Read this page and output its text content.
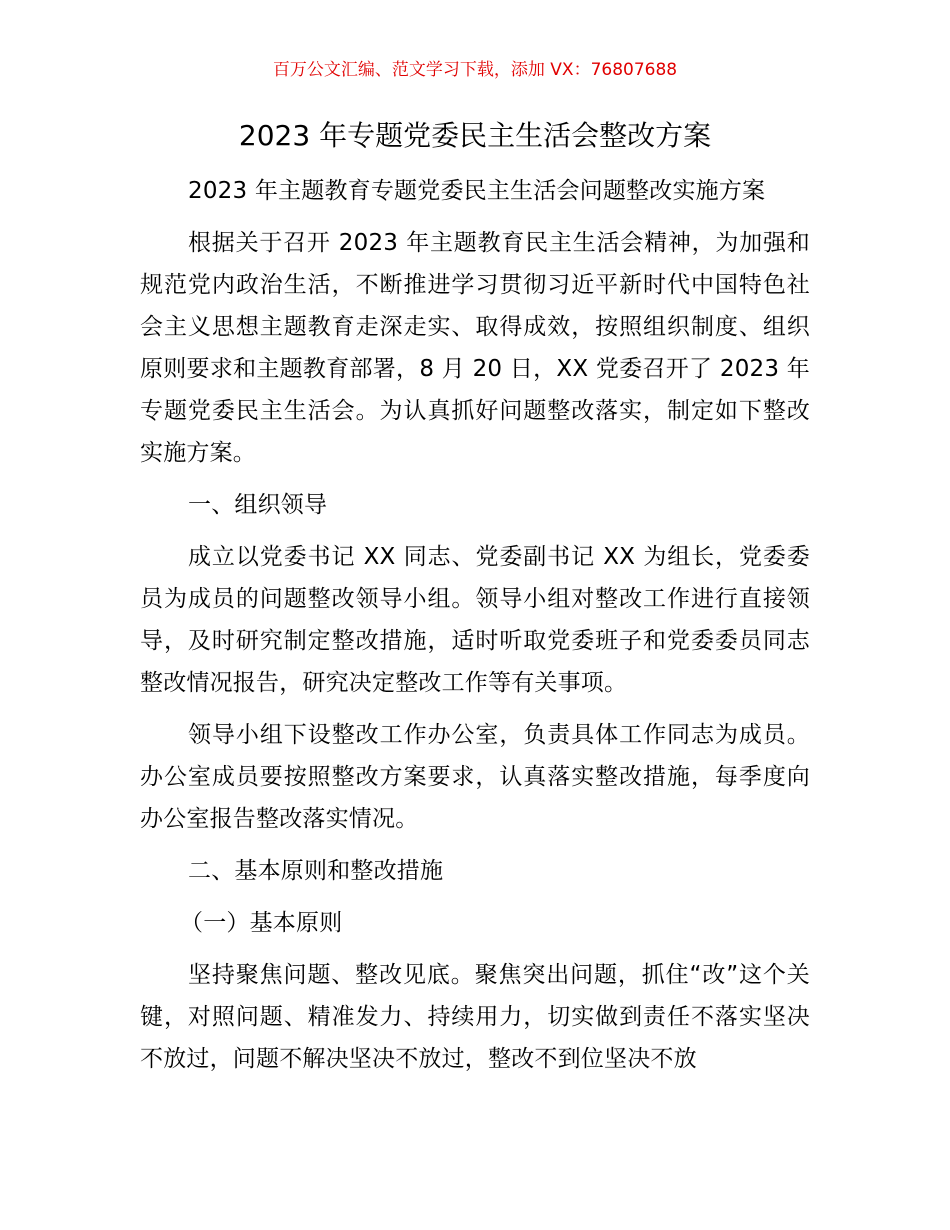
百万公文汇编、范文学习下载，添加 VX：76807688
2023 年专题党委民主生活会整改方案

2023 年主题教育专题党委民主生活会问题整改实施方案

根据关于召开 2023 年主题教育民主生活会精神，为加强和规范党内政治生活，不断推进学习贯彻习近平新时代中国特色社会主义思想主题教育走深走实、取得成效，按照组织制度、组织原则要求和主题教育部署，8 月 20 日，XX 党委召开了 2023 年专题党委民主生活会。为认真抓好问题整改落实，制定如下整改实施方案。

一、组织领导

成立以党委书记 XX 同志、党委副书记 XX 为组长，党委委员为成员的问题整改领导小组。领导小组对整改工作进行直接领导，及时研究制定整改措施，适时听取党委班子和党委委员同志整改情况报告，研究决定整改工作等有关事项。

领导小组下设整改工作办公室，负责具体工作同志为成员。办公室成员要按照整改方案要求，认真落实整改措施，每季度向办公室报告整改落实情况。

二、基本原则和整改措施

（一）基本原则

坚持聚焦问题、整改见底。聚焦突出问题，抓住“改”这个关键，对照问题、精准发力、持续用力，切实做到责任不落实坚决不放过，问题不解决坚决不放过，整改不到位坚决不放
